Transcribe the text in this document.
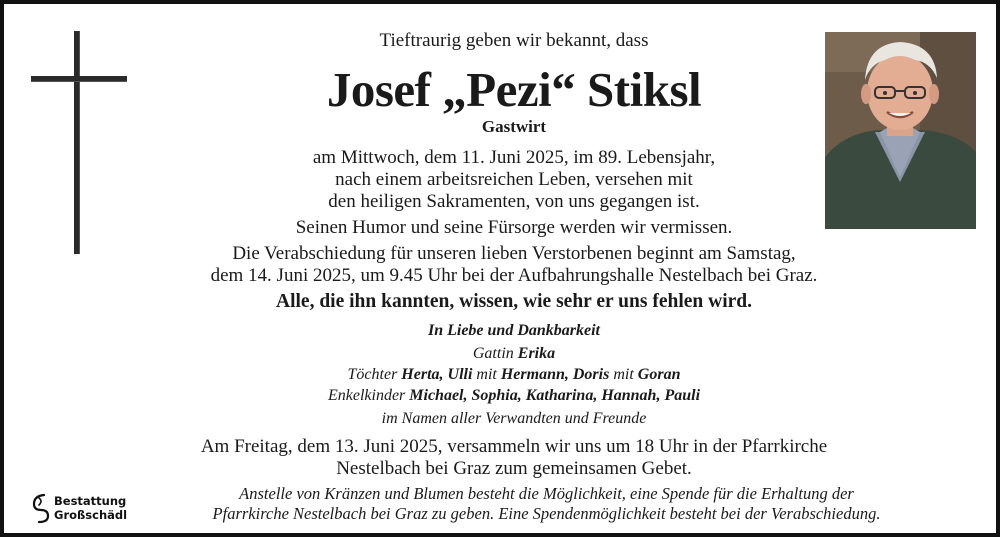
Tieftraurig geben wir bekannt, dass
Josef „Pezi“ Stiksl
Gastwirt
am Mittwoch, dem 11. Juni 2025, im 89. Lebensjahr,
nach einem arbeitsreichen Leben, versehen mit
den heiligen Sakramenten, von uns gegangen ist.
Seinen Humor und seine Fürsorge werden wir vermissen.
Die Verabschiedung für unseren lieben Verstorbenen beginnt am Samstag,
dem 14. Juni 2025, um 9.45 Uhr bei der Aufbahrungshalle Nestelbach bei Graz.
Alle, die ihn kannten, wissen, wie sehr er uns fehlen wird.
In Liebe und Dankbarkeit
Gattin Erika
Töchter Herta, Ulli mit Hermann, Doris mit Goran
Enkelkinder Michael, Sophia, Katharina, Hannah, Pauli
im Namen aller Verwandten und Freunde
Am Freitag, dem 13. Juni 2025, versammeln wir uns um 18 Uhr in der Pfarrkirche
Nestelbach bei Graz zum gemeinsamen Gebet.
Anstelle von Kränzen und Blumen besteht die Möglichkeit, eine Spende für die Erhaltung der
Pfarrkirche Nestelbach bei Graz zu geben. Eine Spendenmöglichkeit besteht bei der Verabschiedung.
Bestattung
Großschädl
